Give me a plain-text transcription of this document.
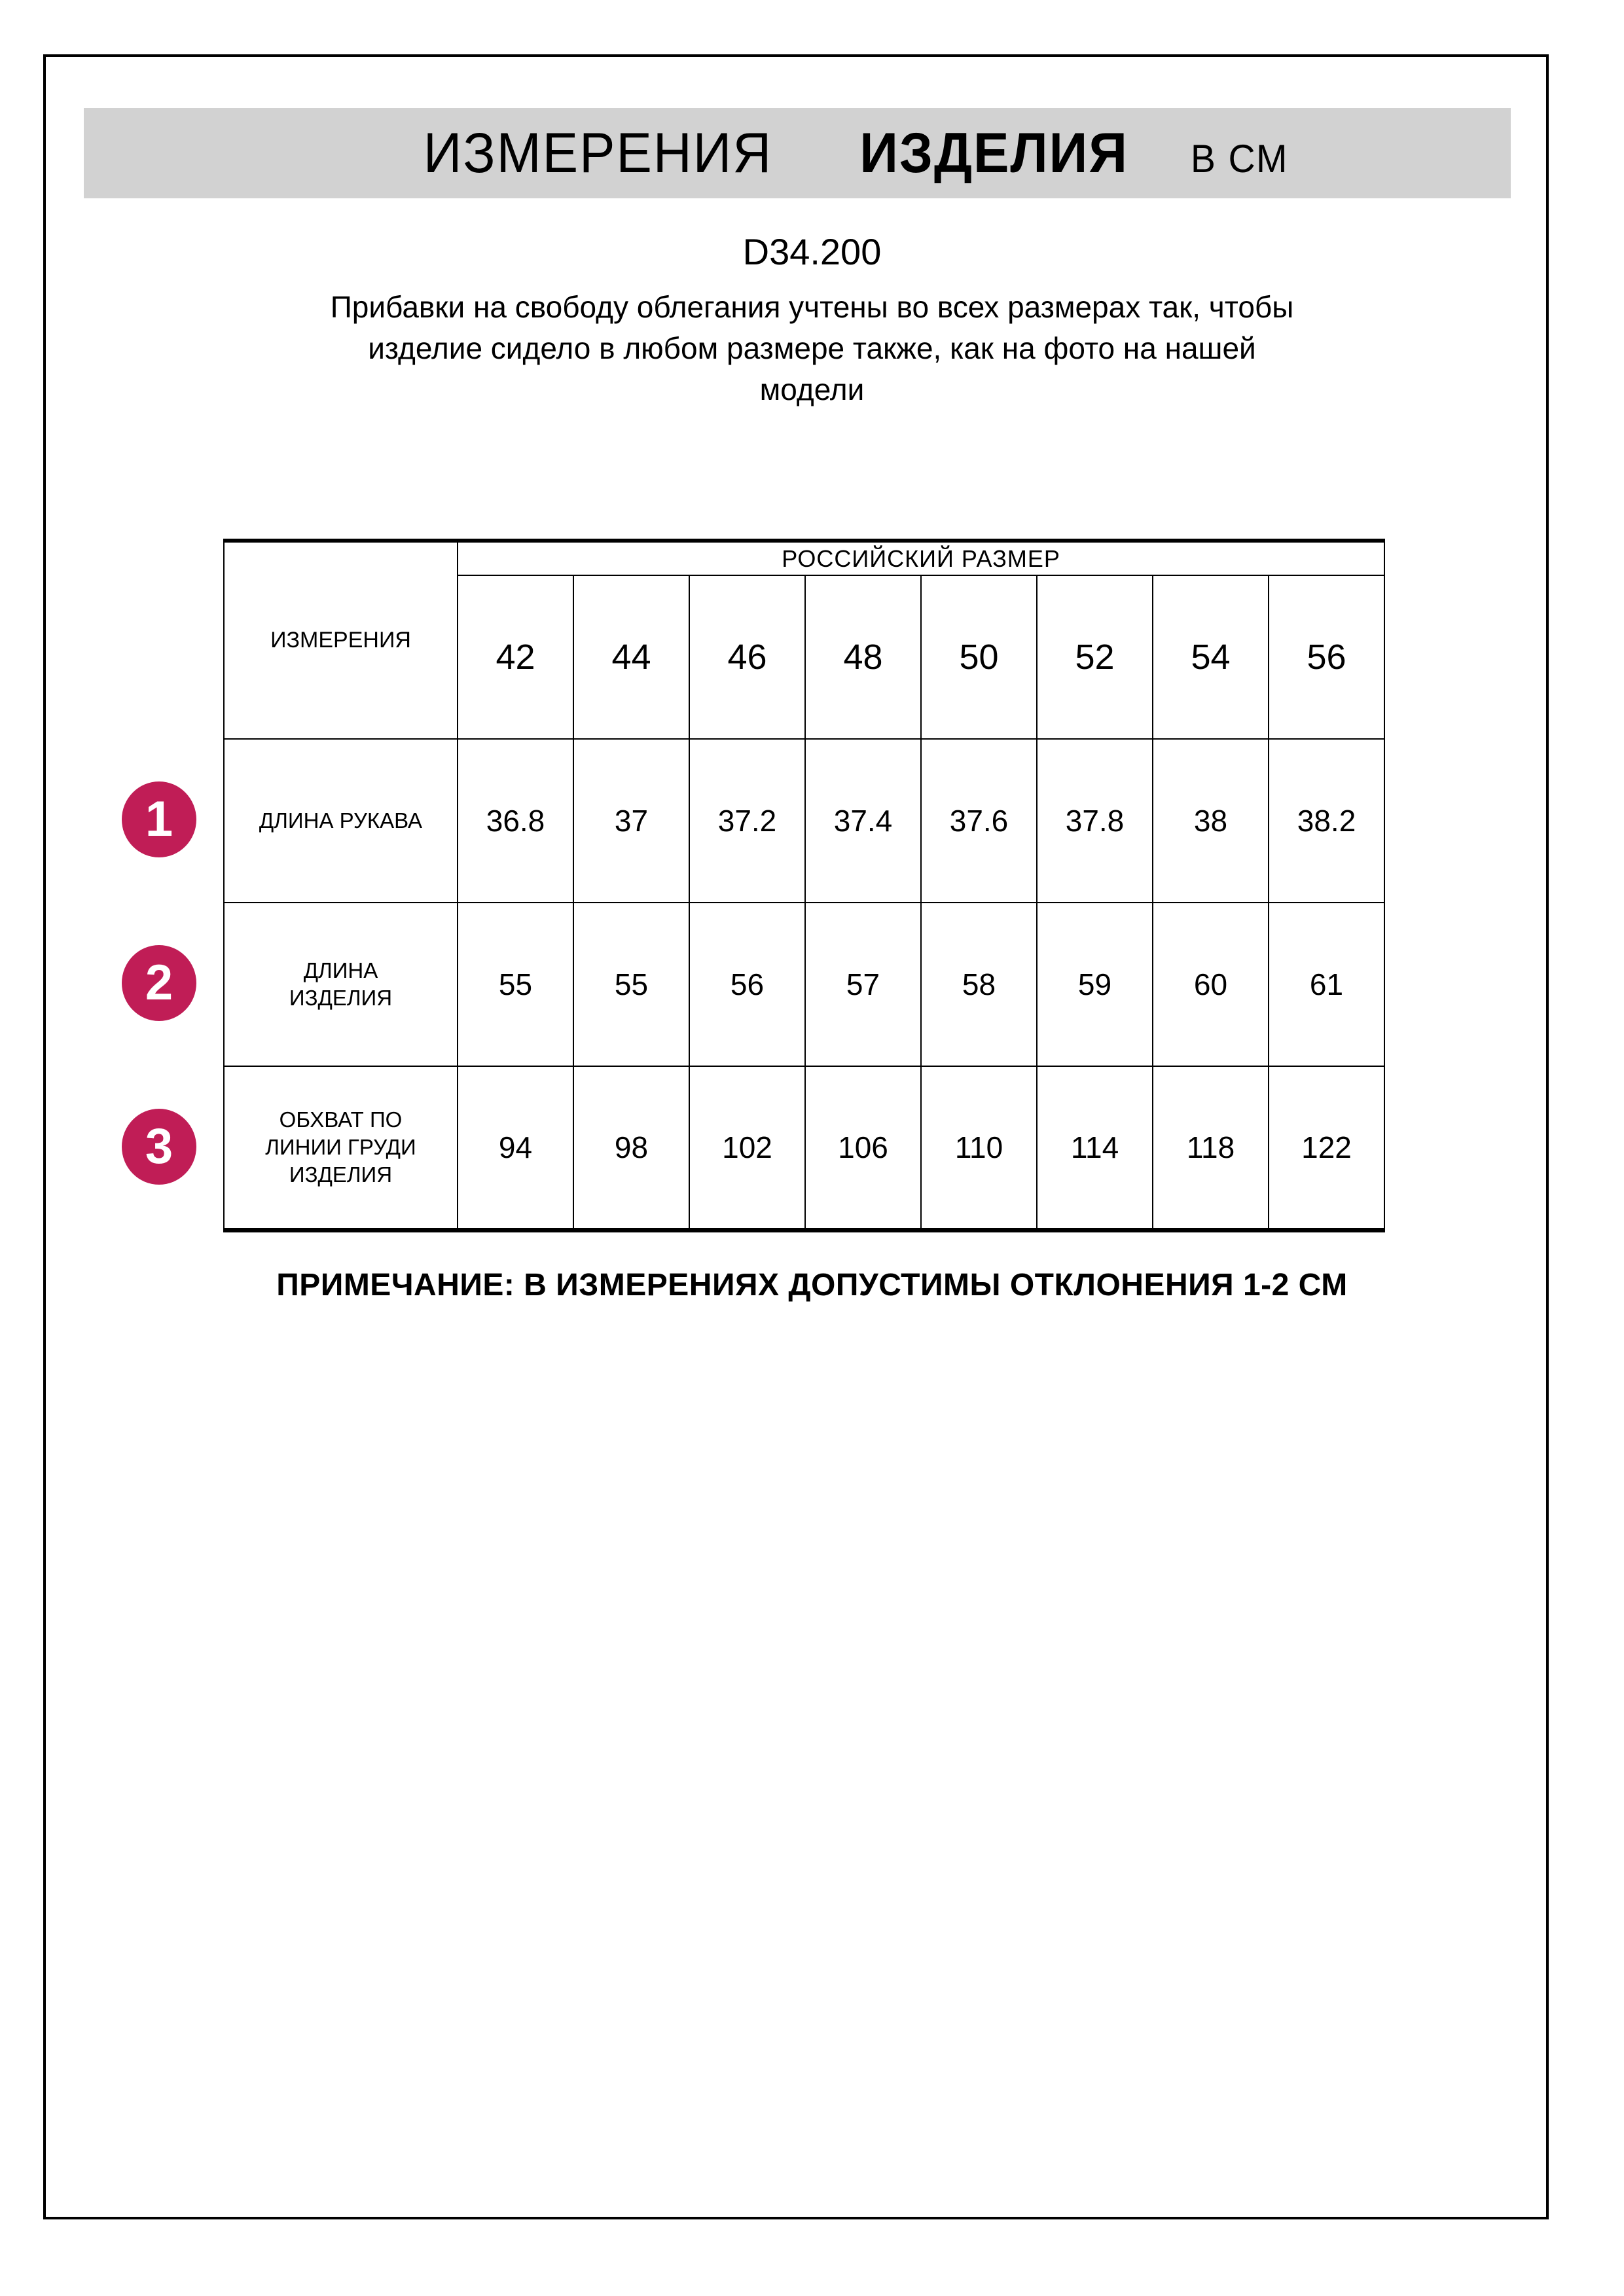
ИЗМЕРЕНИЯ ИЗДЕЛИЯ В СМ
D34.200
Прибавки на свободу облегания учтены во всех размерах так, чтобы
изделие сидело в любом размере также, как на фото на нашей
модели
ИЗМЕРЕНИЯ	РОССИЙСКИЙ РАЗМЕР							
	42	44	46	48	50	52	54	56

ДЛИНА РУКАВА	36.8	37	37.2	37.4	37.6	37.8	38	38.2

ДЛИНА
ИЗДЕЛИЯ	55	55	56	57	58	59	60	61

ОБХВАТ ПО
ЛИНИИ ГРУДИ
ИЗДЕЛИЯ	94	98	102	106	110	114	118	122
1
2
3
ПРИМЕЧАНИЕ: В ИЗМЕРЕНИЯХ ДОПУСТИМЫ ОТКЛОНЕНИЯ 1-2 СМ
